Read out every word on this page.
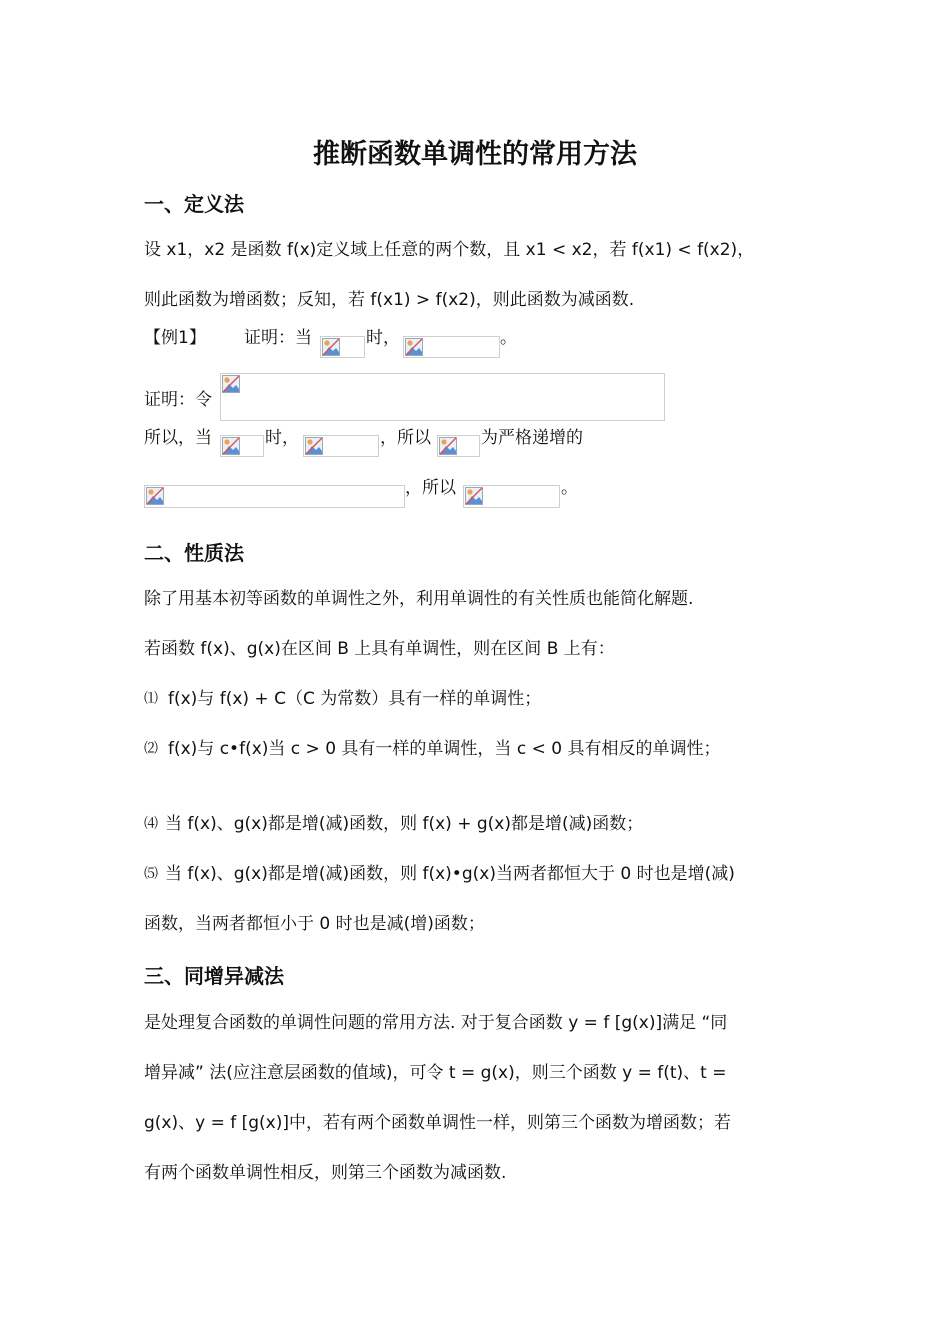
推断函数单调性的常用方法
一、定义法
设 x1，x2 是函数 f(x)定义域上任意的两个数，且 x1 < x2，若 f(x1) < f(x2)，
则此函数为增函数；反知，若 f(x1) > f(x2)，则此函数为减函数.
【例1】 证明：当	时，	。
证明：令
所以，当	时，	，所以	为严格递增的
，所以	。
二、性质法
除了用基本初等函数的单调性之外，利用单调性的有关性质也能简化解题.
若函数 f(x)、g(x)在区间 B 上具有单调性，则在区间 B 上有：
⑴ f(x)与 f(x) + C（C 为常数）具有一样的单调性；
⑵ f(x)与 c•f(x)当 c > 0 具有一样的单调性，当 c < 0 具有相反的单调性；
⑷ 当 f(x)、g(x)都是增(减)函数，则 f(x) + g(x)都是增(减)函数；
⑸ 当 f(x)、g(x)都是增(减)函数，则 f(x)•g(x)当两者都恒大于 0 时也是增(减)
函数，当两者都恒小于 0 时也是减(增)函数；
三、同增异减法
是处理复合函数的单调性问题的常用方法. 对于复合函数 y = f [g(x)]满足 “同
增异减” 法(应注意层函数的值域)，可令 t = g(x)，则三个函数 y = f(t)、t =
g(x)、y = f [g(x)]中，若有两个函数单调性一样，则第三个函数为增函数；若
有两个函数单调性相反，则第三个函数为减函数.
